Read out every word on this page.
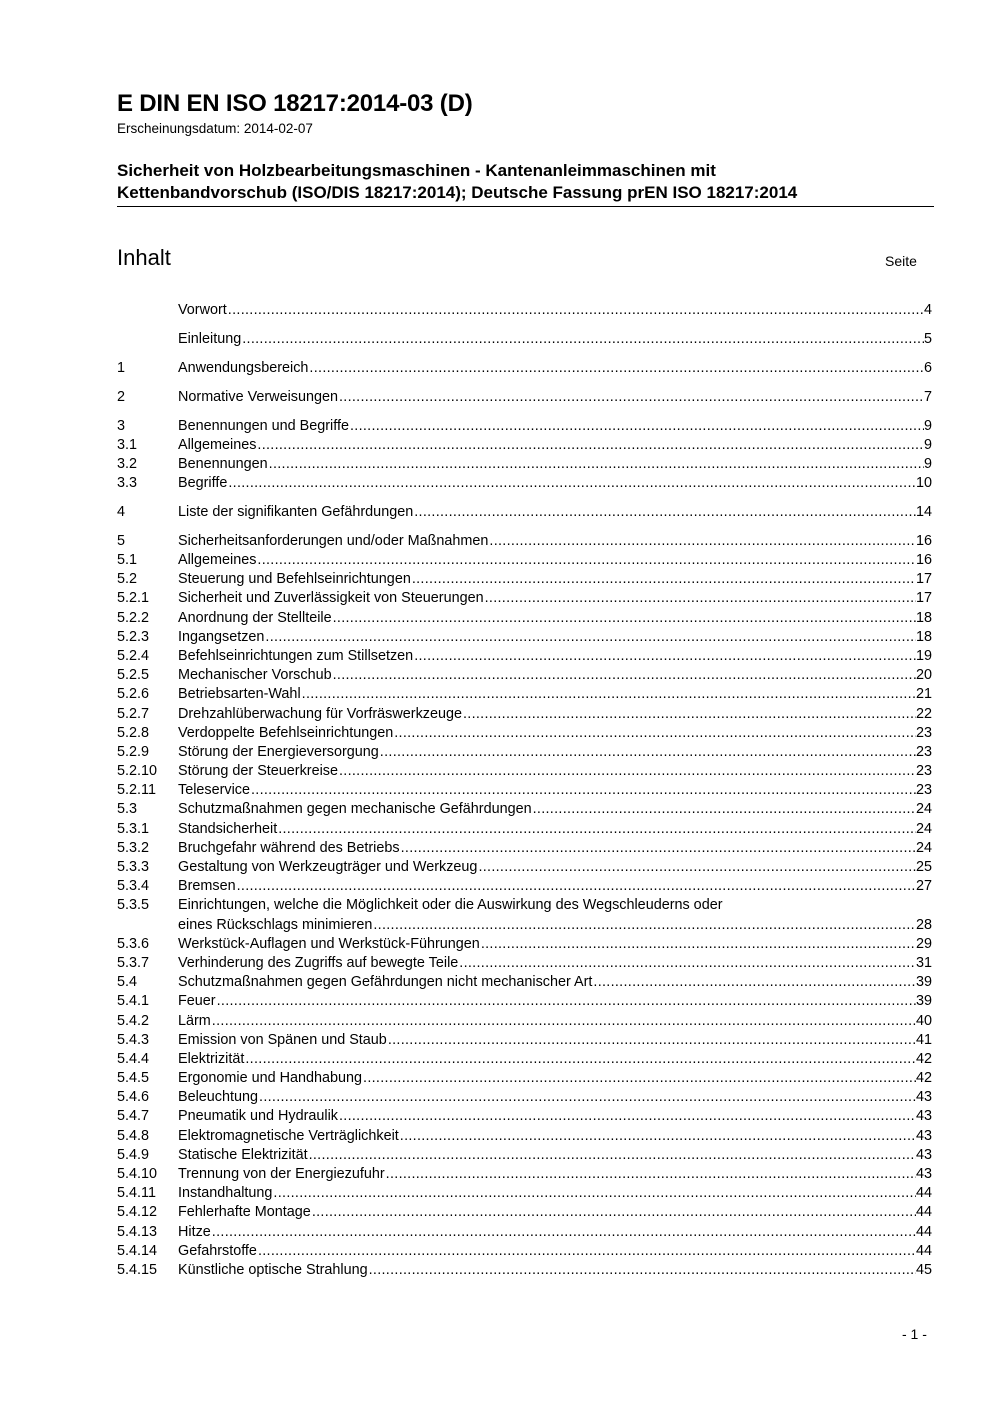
E DIN EN ISO 18217:2014-03 (D)
Erscheinungsdatum: 2014-02-07
Sicherheit von Holzbearbeitungsmaschinen - Kantenanleimmaschinen mit
Kettenbandvorschub (ISO/DIS 18217:2014); Deutsche Fassung prEN ISO 18217:2014
Inhalt	Seite
Vorwort .....	4
Einleitung .....	5
1	Anwendungsbereich .....	6
2	Normative Verweisungen .....	7
3	Benennungen und Begriffe .....	9
3.1	Allgemeines .....	9
3.2	Benennungen .....	9
3.3	Begriffe .....	10
4	Liste der signifikanten Gefährdungen .....	14
5	Sicherheitsanforderungen und/oder Maßnahmen .....	16
5.1	Allgemeines .....	16
5.2	Steuerung und Befehlseinrichtungen .....	17
5.2.1	Sicherheit und Zuverlässigkeit von Steuerungen .....	17
5.2.2	Anordnung der Stellteile .....	18
5.2.3	Ingangsetzen .....	18
5.2.4	Befehlseinrichtungen zum Stillsetzen .....	19
5.2.5	Mechanischer Vorschub .....	20
5.2.6	Betriebsarten-Wahl .....	21
5.2.7	Drehzahlüberwachung für Vorfräswerkzeuge .....	22
5.2.8	Verdoppelte Befehlseinrichtungen .....	23
5.2.9	Störung der Energieversorgung .....	23
5.2.10	Störung der Steuerkreise .....	23
5.2.11	Teleservice .....	23
5.3	Schutzmaßnahmen gegen mechanische Gefährdungen .....	24
5.3.1	Standsicherheit .....	24
5.3.2	Bruchgefahr während des Betriebs .....	24
5.3.3	Gestaltung von Werkzeugträger und Werkzeug .....	25
5.3.4	Bremsen .....	27
5.3.5	Einrichtungen, welche die Möglichkeit oder die Auswirkung des Wegschleuderns oder
eines Rückschlags minimieren .....	28
5.3.6	Werkstück-Auflagen und Werkstück-Führungen .....	29
5.3.7	Verhinderung des Zugriffs auf bewegte Teile .....	31
5.4	Schutzmaßnahmen gegen Gefährdungen nicht mechanischer Art .....	39
5.4.1	Feuer .....	39
5.4.2	Lärm .....	40
5.4.3	Emission von Spänen und Staub .....	41
5.4.4	Elektrizität .....	42
5.4.5	Ergonomie und Handhabung .....	42
5.4.6	Beleuchtung .....	43
5.4.7	Pneumatik und Hydraulik .....	43
5.4.8	Elektromagnetische Verträglichkeit .....	43
5.4.9	Statische Elektrizität .....	43
5.4.10	Trennung von der Energiezufuhr .....	43
5.4.11	Instandhaltung .....	44
5.4.12	Fehlerhafte Montage .....	44
5.4.13	Hitze .....	44
5.4.14	Gefahrstoffe .....	44
5.4.15	Künstliche optische Strahlung .....	45
- 1 -
